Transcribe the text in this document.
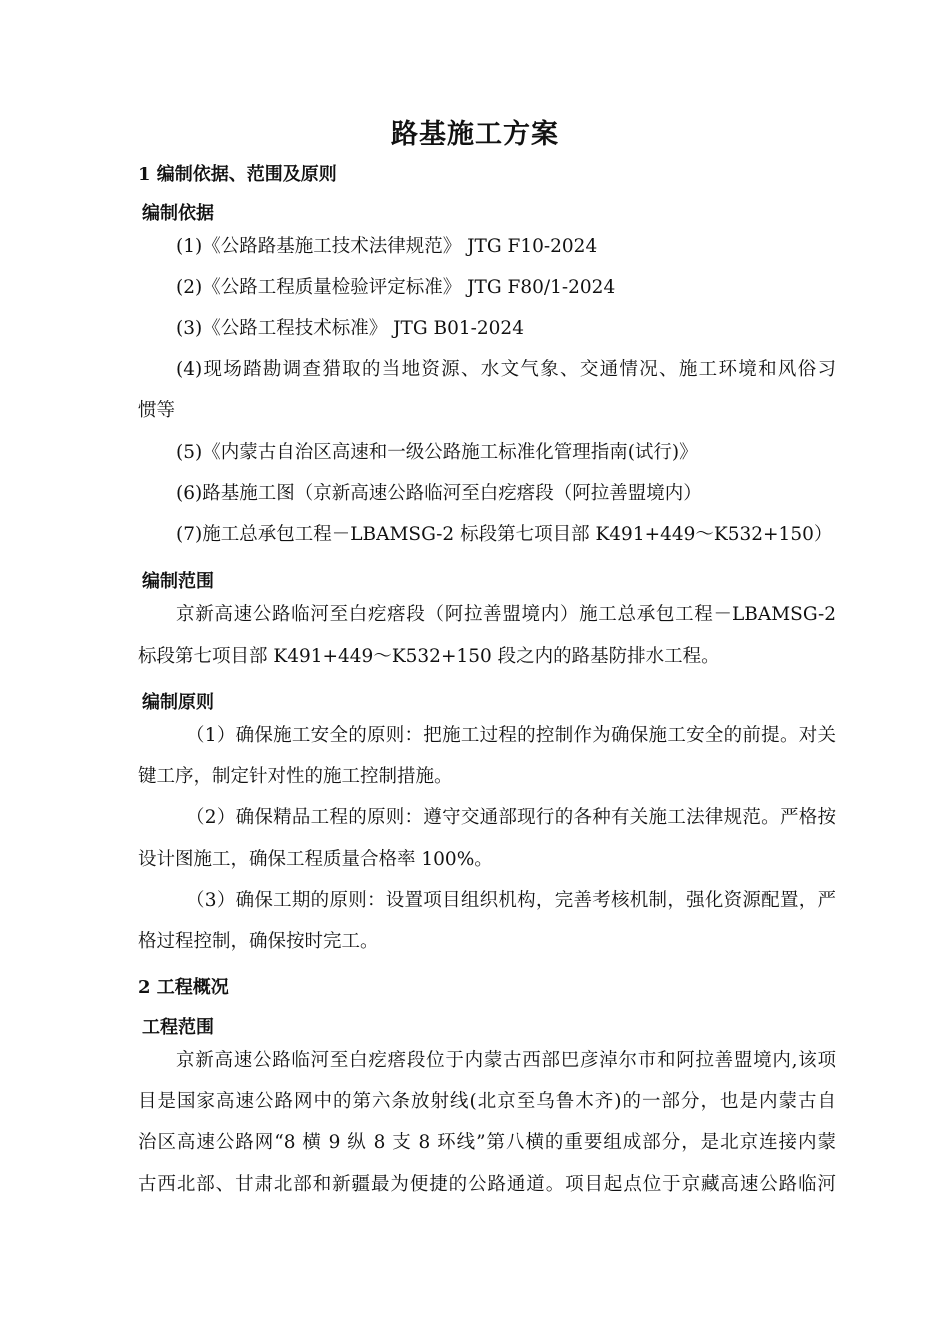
路基施工方案
1 编制依据、范围及原则
编制依据
(1)《公路路基施工技术法律规范》 JTG F10-2024
(2)《公路工程质量检验评定标准》 JTG F80/1-2024
(3)《公路工程技术标准》 JTG B01-2024
(4)现场踏勘调查猎取的当地资源、水文气象、交通情况、施工环境和风俗习
惯等
(5)《内蒙古自治区高速和一级公路施工标准化管理指南(试行)》
(6)路基施工图（京新高速公路临河至白疙瘩段（阿拉善盟境内）
(7)施工总承包工程－LBAMSG-2 标段第七项目部 K491+449～K532+150）
编制范围
京新高速公路临河至白疙瘩段（阿拉善盟境内）施工总承包工程－LBAMSG-2
标段第七项目部 K491+449～K532+150 段之内的路基防排水工程。
编制原则
（1）确保施工安全的原则：把施工过程的控制作为确保施工安全的前提。对关
键工序，制定针对性的施工控制措施。
（2）确保精品工程的原则：遵守交通部现行的各种有关施工法律规范。严格按
设计图施工，确保工程质量合格率 100%。
（3）确保工期的原则：设置项目组织机构，完善考核机制，强化资源配置，严
格过程控制，确保按时完工。
2 工程概况
工程范围
京新高速公路临河至白疙瘩段位于内蒙古西部巴彦淖尔市和阿拉善盟境内,该项
目是国家高速公路网中的第六条放射线(北京至乌鲁木齐)的一部分，也是内蒙古自
治区高速公路网“8 横 9 纵 8 支 8 环线”第八横的重要组成部分，是北京连接内蒙
古西北部、甘肃北部和新疆最为便捷的公路通道。项目起点位于京藏高速公路临河
